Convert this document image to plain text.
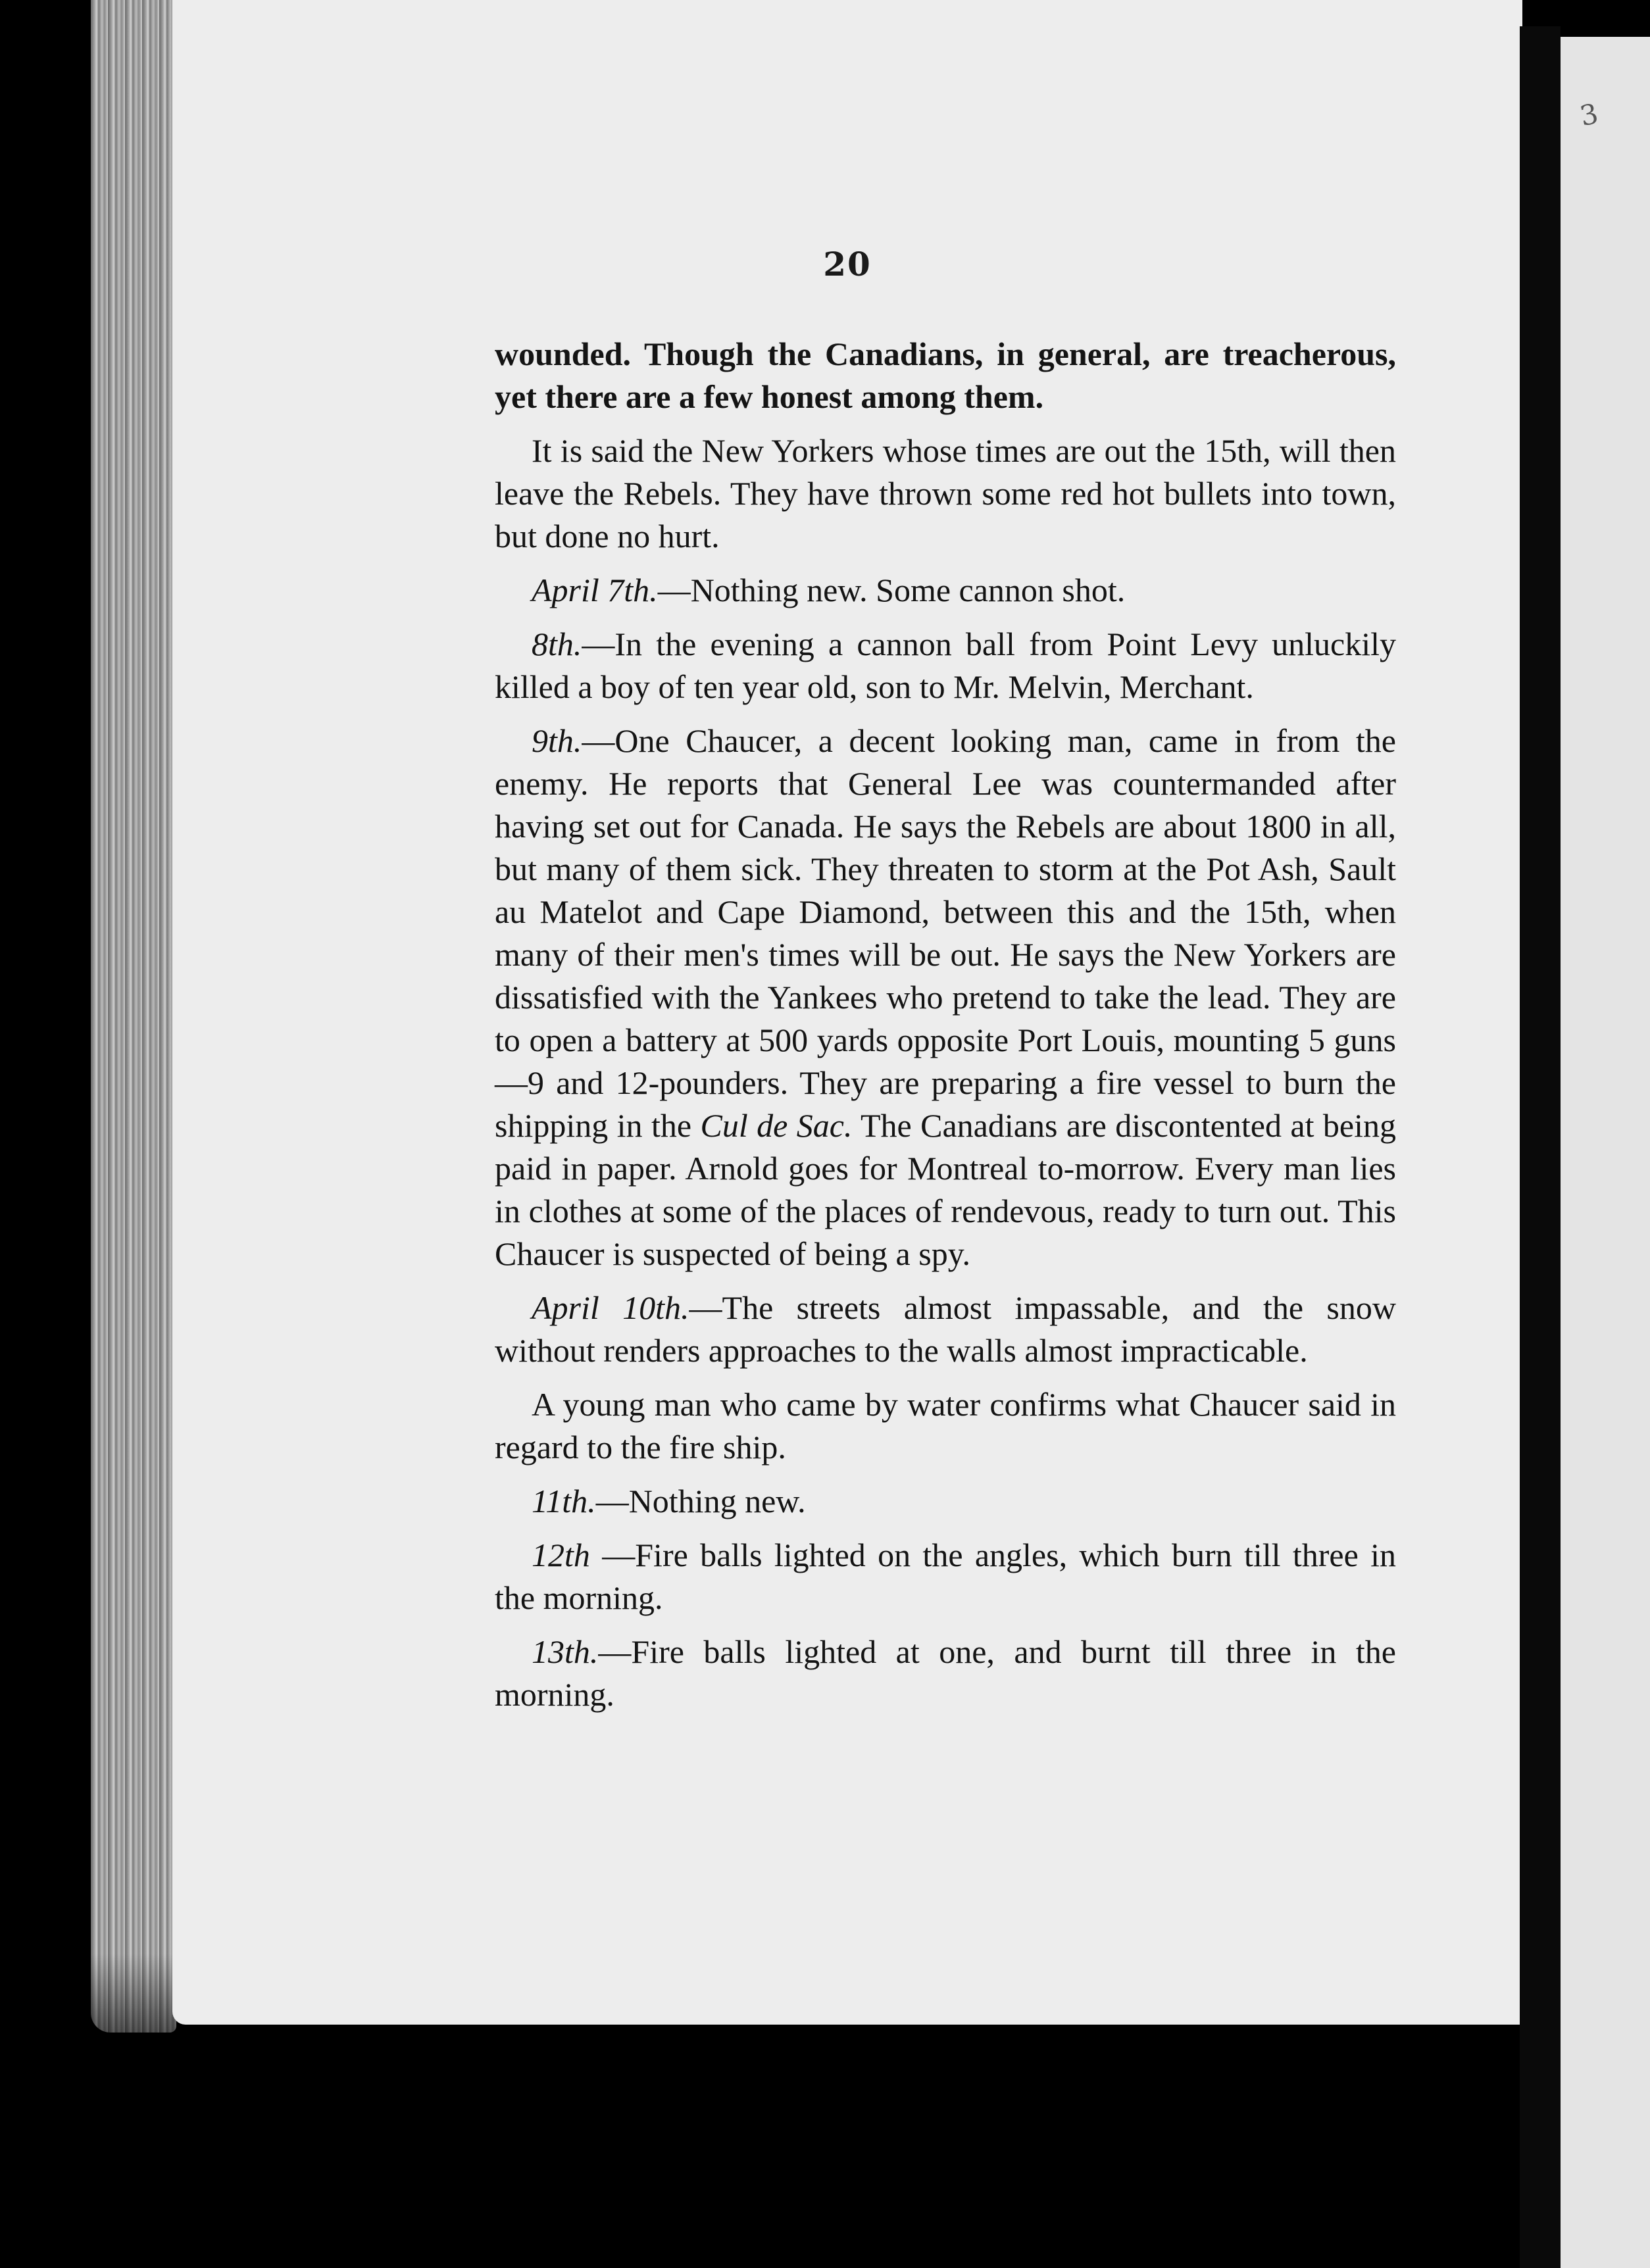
3
20

wounded. Though the Canadians, in general, are treacherous, yet there are a few honest among them.

It is said the New Yorkers whose times are out the 15th, will then leave the Rebels. They have thrown some red hot bullets into town, but done no hurt.

April 7th.—Nothing new. Some cannon shot.

8th.—In the evening a cannon ball from Point Levy unluckily killed a boy of ten year old, son to Mr. Melvin, Merchant.

9th.—One Chaucer, a decent looking man, came in from the enemy. He reports that General Lee was countermanded after having set out for Canada. He says the Rebels are about 1800 in all, but many of them sick. They threaten to storm at the Pot Ash, Sault au Matelot and Cape Diamond, between this and the 15th, when many of their men's times will be out. He says the New Yorkers are dissatisfied with the Yankees who pretend to take the lead. They are to open a battery at 500 yards opposite Port Louis, mounting 5 guns—9 and 12-pounders. They are preparing a fire vessel to burn the shipping in the Cul de Sac. The Canadians are discontented at being paid in paper. Arnold goes for Montreal to-morrow. Every man lies in clothes at some of the places of rendevous, ready to turn out. This Chaucer is suspected of being a spy.

April 10th.—The streets almost impassable, and the snow without renders approaches to the walls almost impracticable.

A young man who came by water confirms what Chaucer said in regard to the fire ship.

11th.—Nothing new.

12th —Fire balls lighted on the angles, which burn till three in the morning.

13th.—Fire balls lighted at one, and burnt till three in the morning.
